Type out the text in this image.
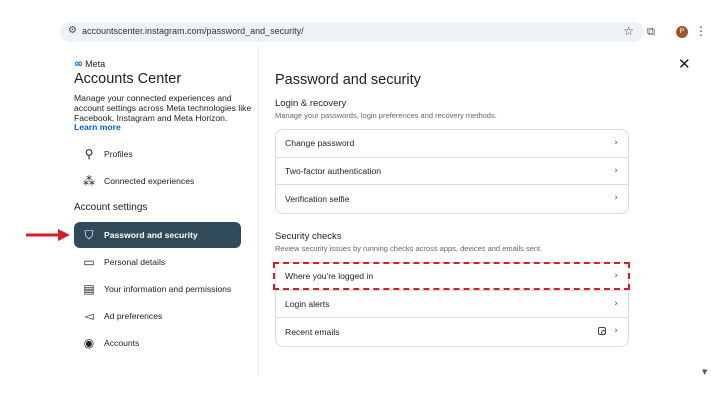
⚙ accountscenter.instagram.com/password_and_security/	☆ ⧉	P ⋮
∞ Meta
Accounts Center
Manage your connected experiences and account settings across Meta technologies like Facebook, Instagram and Meta Horizon.
Learn more
⚲	Profiles
⁂	Connected experiences
Account settings
⛉	Password and security
▭	Personal details
▤	Your information and permissions
◅	Ad preferences
◉	Accounts
Password and security
Login & recovery
Manage your passwords, login preferences and recovery methods.
Change password	›
Two-factor authentication	›
Verification selfie	›
Security checks
Review security issues by running checks across apps, devices and emails sent.
Where you're logged in	›
Login alerts	›
Recent emails	›
✕
▼
